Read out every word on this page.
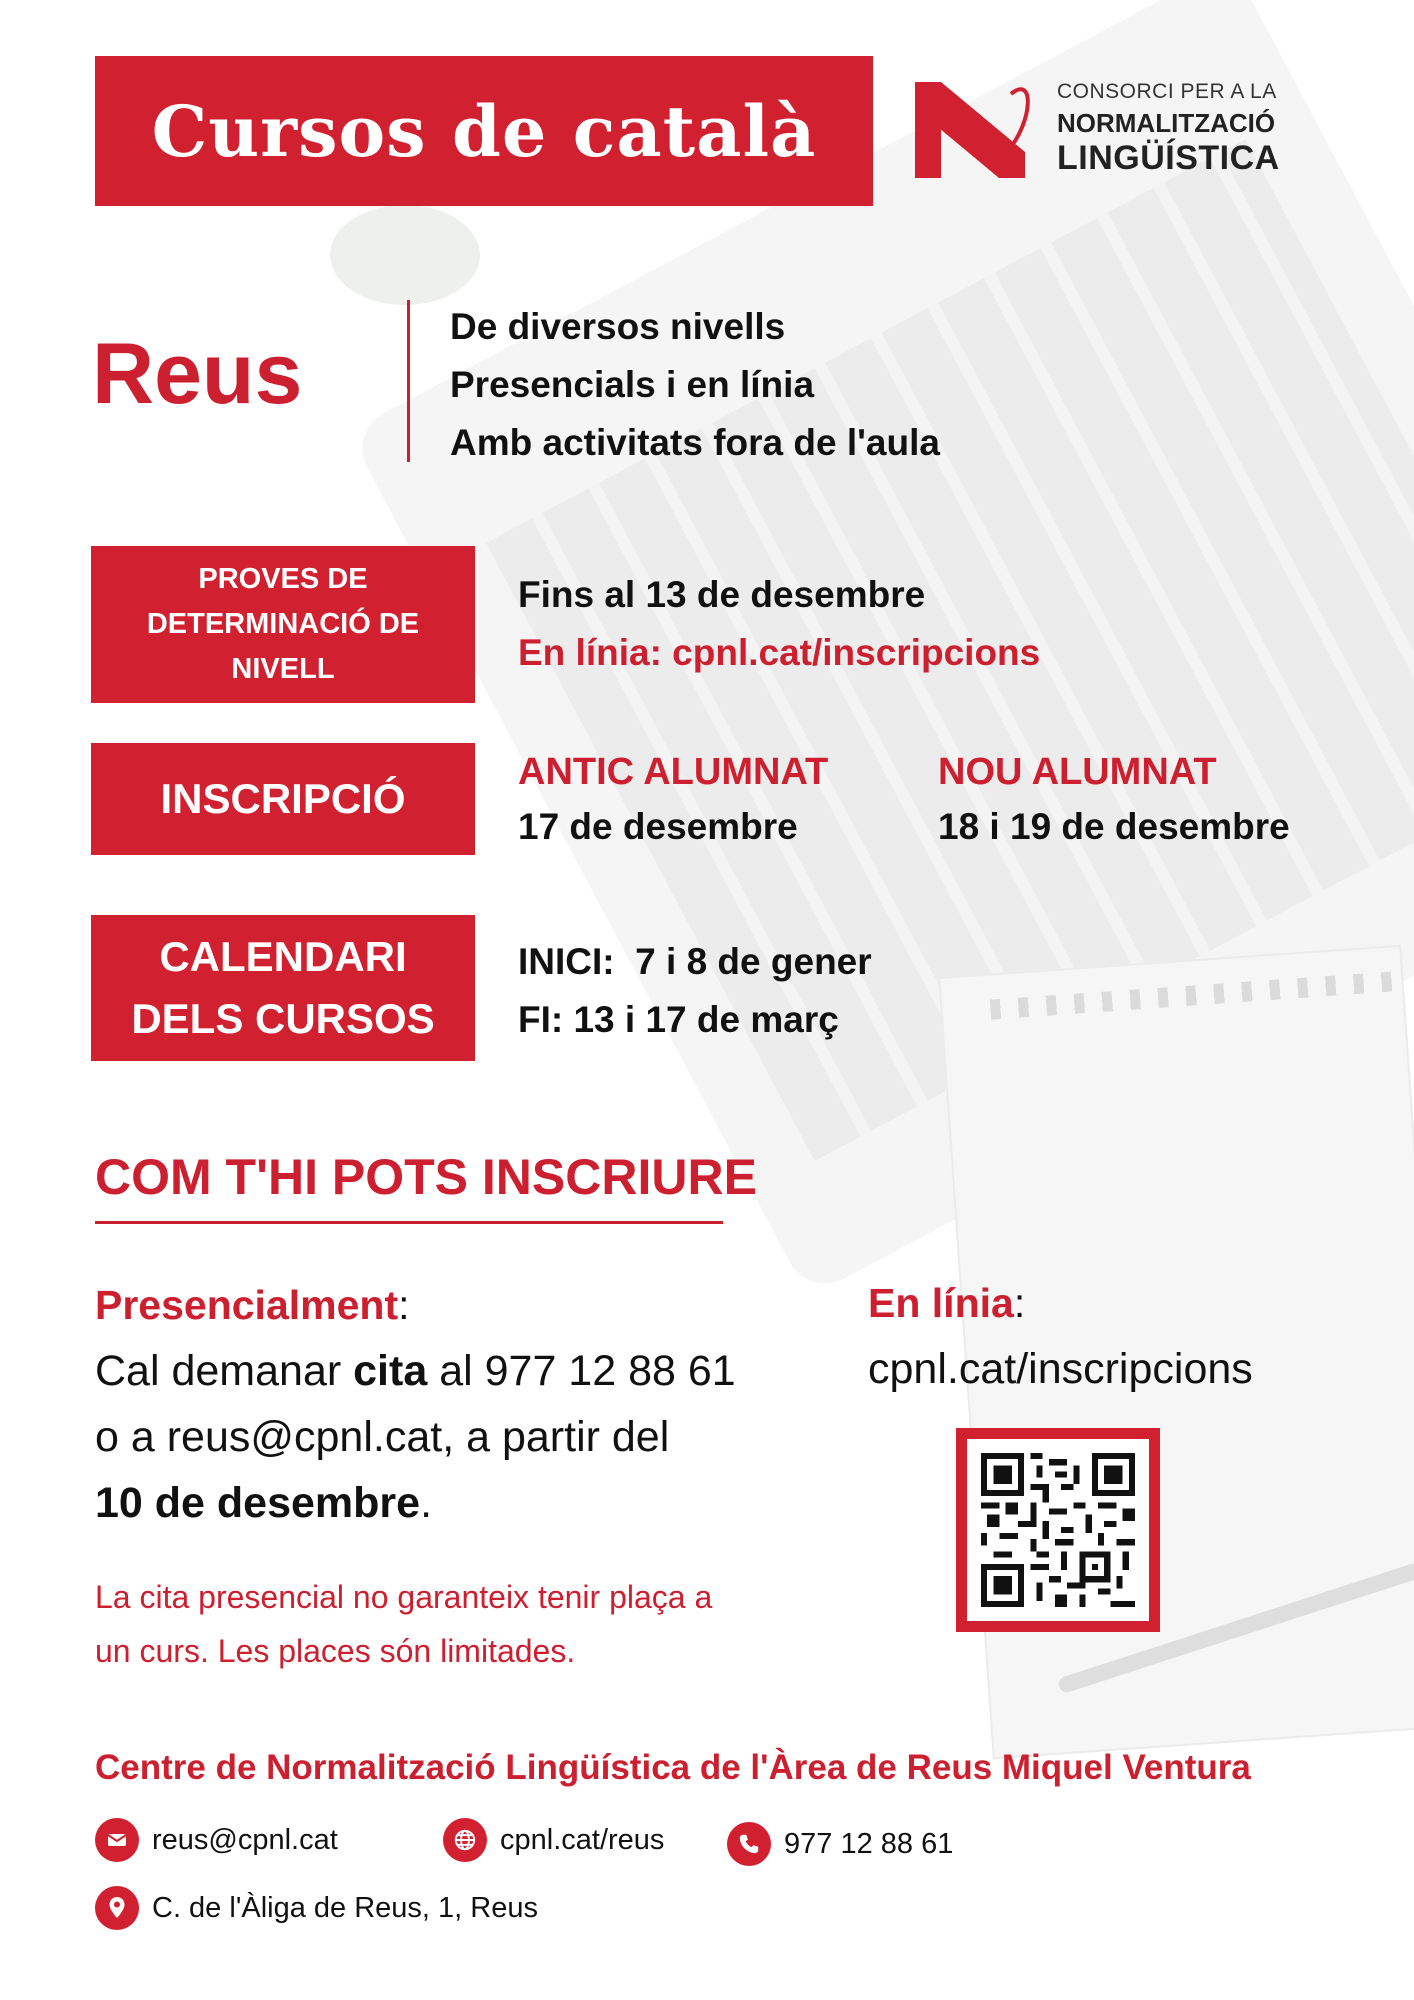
Cursos de català	CONSORCI PER A LA
NORMALITZACIÓ
LINGÜÍSTICA
Reus	De diversos nivells
Presencials i en línia
Amb activitats fora de l'aula
PROVES DE
DETERMINACIÓ DE
NIVELL
Fins al 13 de desembre
En línia: cpnl.cat/inscripcions
INSCRIPCIÓ
ANTIC ALUMNAT
17 de desembre
NOU ALUMNAT
18 i 19 de desembre
CALENDARI
DELS CURSOS
INICI:  7 i 8 de gener
FI: 13 i 17 de març
COM T'HI POTS INSCRIURE
Presencialment:
Cal demanar cita al 977 12 88 61
o a reus@cpnl.cat, a partir del
10 de desembre.
La cita presencial no garanteix tenir plaça a
un curs. Les places són limitades.
En línia:
cpnl.cat/inscripcions
Centre de Normalització Lingüística de l'Àrea de Reus Miquel Ventura
reus@cpnl.cat	cpnl.cat/reus	977 12 88 61
C. de l'Àliga de Reus, 1, Reus
